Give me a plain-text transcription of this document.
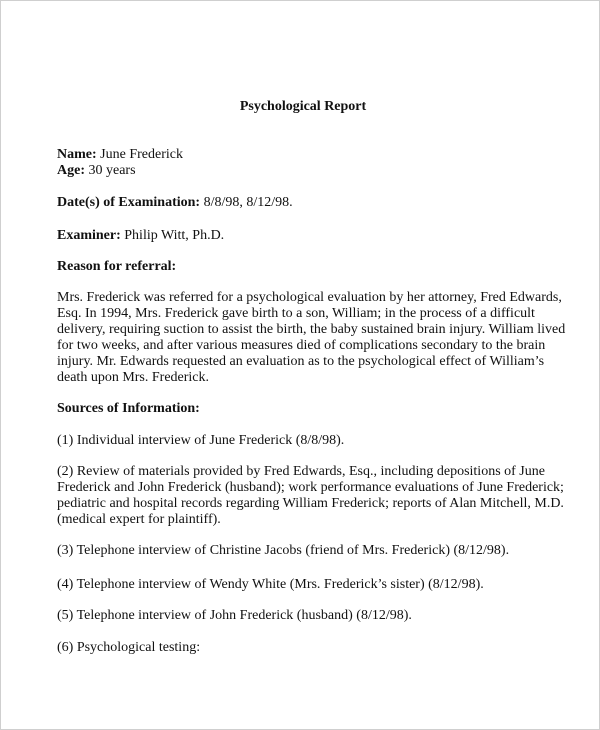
Psychological Report
Name: June Frederick
Age: 30 years
Date(s) of Examination: 8/8/98, 8/12/98.
Examiner: Philip Witt, Ph.D.
Reason for referral:
Mrs. Frederick was referred for a psychological evaluation by her attorney, Fred Edwards,
Esq. In 1994, Mrs. Frederick gave birth to a son, William; in the process of a difficult
delivery, requiring suction to assist the birth, the baby sustained brain injury. William lived
for two weeks, and after various measures died of complications secondary to the brain
injury. Mr. Edwards requested an evaluation as to the psychological effect of William’s
death upon Mrs. Frederick.
Sources of Information:
(1) Individual interview of June Frederick (8/8/98).
(2) Review of materials provided by Fred Edwards, Esq., including depositions of June
Frederick and John Frederick (husband); work performance evaluations of June Frederick;
pediatric and hospital records regarding William Frederick; reports of Alan Mitchell, M.D.
(medical expert for plaintiff).
(3) Telephone interview of Christine Jacobs (friend of Mrs. Frederick) (8/12/98).
(4) Telephone interview of Wendy White (Mrs. Frederick’s sister) (8/12/98).
(5) Telephone interview of John Frederick (husband) (8/12/98).
(6) Psychological testing:
